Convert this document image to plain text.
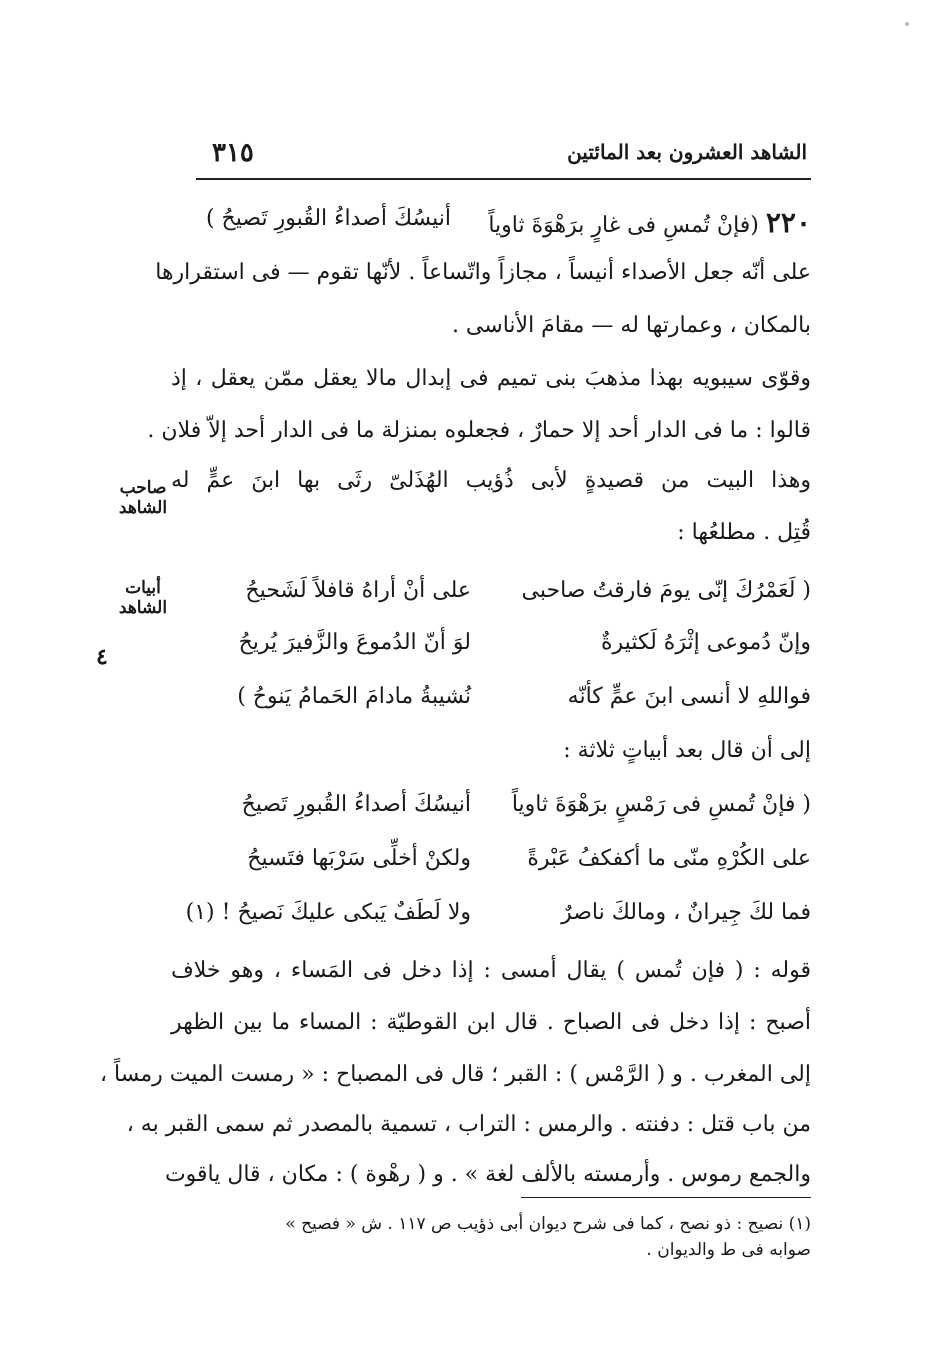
الشاهد العشرون بعد المائتين
٣١٥
٢٢٠ (فإنْ تُمسِ فى غارٍ برَهْوَةَ ثاوياً
أنيسُكَ أصداءُ القُبورِ تَصيحُ )
على أنّه جعل الأصداء أنيساً ، مجازاً واتّساعاً . لأنّها تقوم — فى استقرارها
بالمكان ، وعمارتها له — مقامَ الأناسى .
وقوّى سيبويه بهذا مذهبَ بنى تميم فى إبدال مالا يعقل ممّن يعقل ، إذ
قالوا : ما فى الدار أحد إلا حمارٌ ، فجعلوه بمنزلة ما فى الدار أحد إلاّ فلان .
صاحب
الشاهد
وهذا البيت من قصيدةٍ لأبى ذُؤيب الهُذَلىّ رثَى بها ابنَ عمٍّ له
قُتِل . مطلعُها :
أبيات
الشاهد
٤
( لَعَمْرُكَ إنّى يومَ فارقتُ صاحبى
على أنْ أراهُ قافلاً لَشَحيحُ
وإنّ دُموعى إثْرَهُ لَكثيرةٌ
لوَ أنّ الدُموعَ والزَّفيرَ يُريحُ
فواللهِ لا أنسى ابنَ عمٍّ كأنّه
نُشيبةُ مادامَ الحَمامُ يَنوحُ )
إلى أن قال بعد أبياتٍ ثلاثة :
( فإنْ تُمسِ فى رَمْسٍ برَهْوَةَ ثاوياً
أنيسُكَ أصداءُ القُبورِ تَصيحُ
على الكُرْهِ منّى ما أكفكفُ عَبْرةً
ولكنْ أخلِّى سَرْبَها فتَسيحُ
فما لكَ جِيرانٌ ، ومالكَ ناصرٌ
ولا لَطَفٌ يَبكى عليكَ نَصيحُ ! (١)
قوله : ( فإن تُمس ) يقال أمسى : إذا دخل فى المَساء ، وهو خلاف
أصبح : إذا دخل فى الصباح . قال ابن القوطيّة : المساء ما بين الظهر
إلى المغرب . و ( الرَّمْس ) : القبر ؛ قال فى المصباح : « رمست الميت رمساً ،
من باب قتل : دفنته . والرمس : التراب ، تسمية بالمصدر ثم سمى القبر به ،
والجمع رموس . وأرمسته بالألف لغة » . و ( رهْوة ) : مكان ، قال ياقوت
(١) نصيح : ذو نصح ، كما فى شرح ديوان أبى ذؤيب ص ١١٧ . ش « فصيح »
صوابه فى ط والديوان .
